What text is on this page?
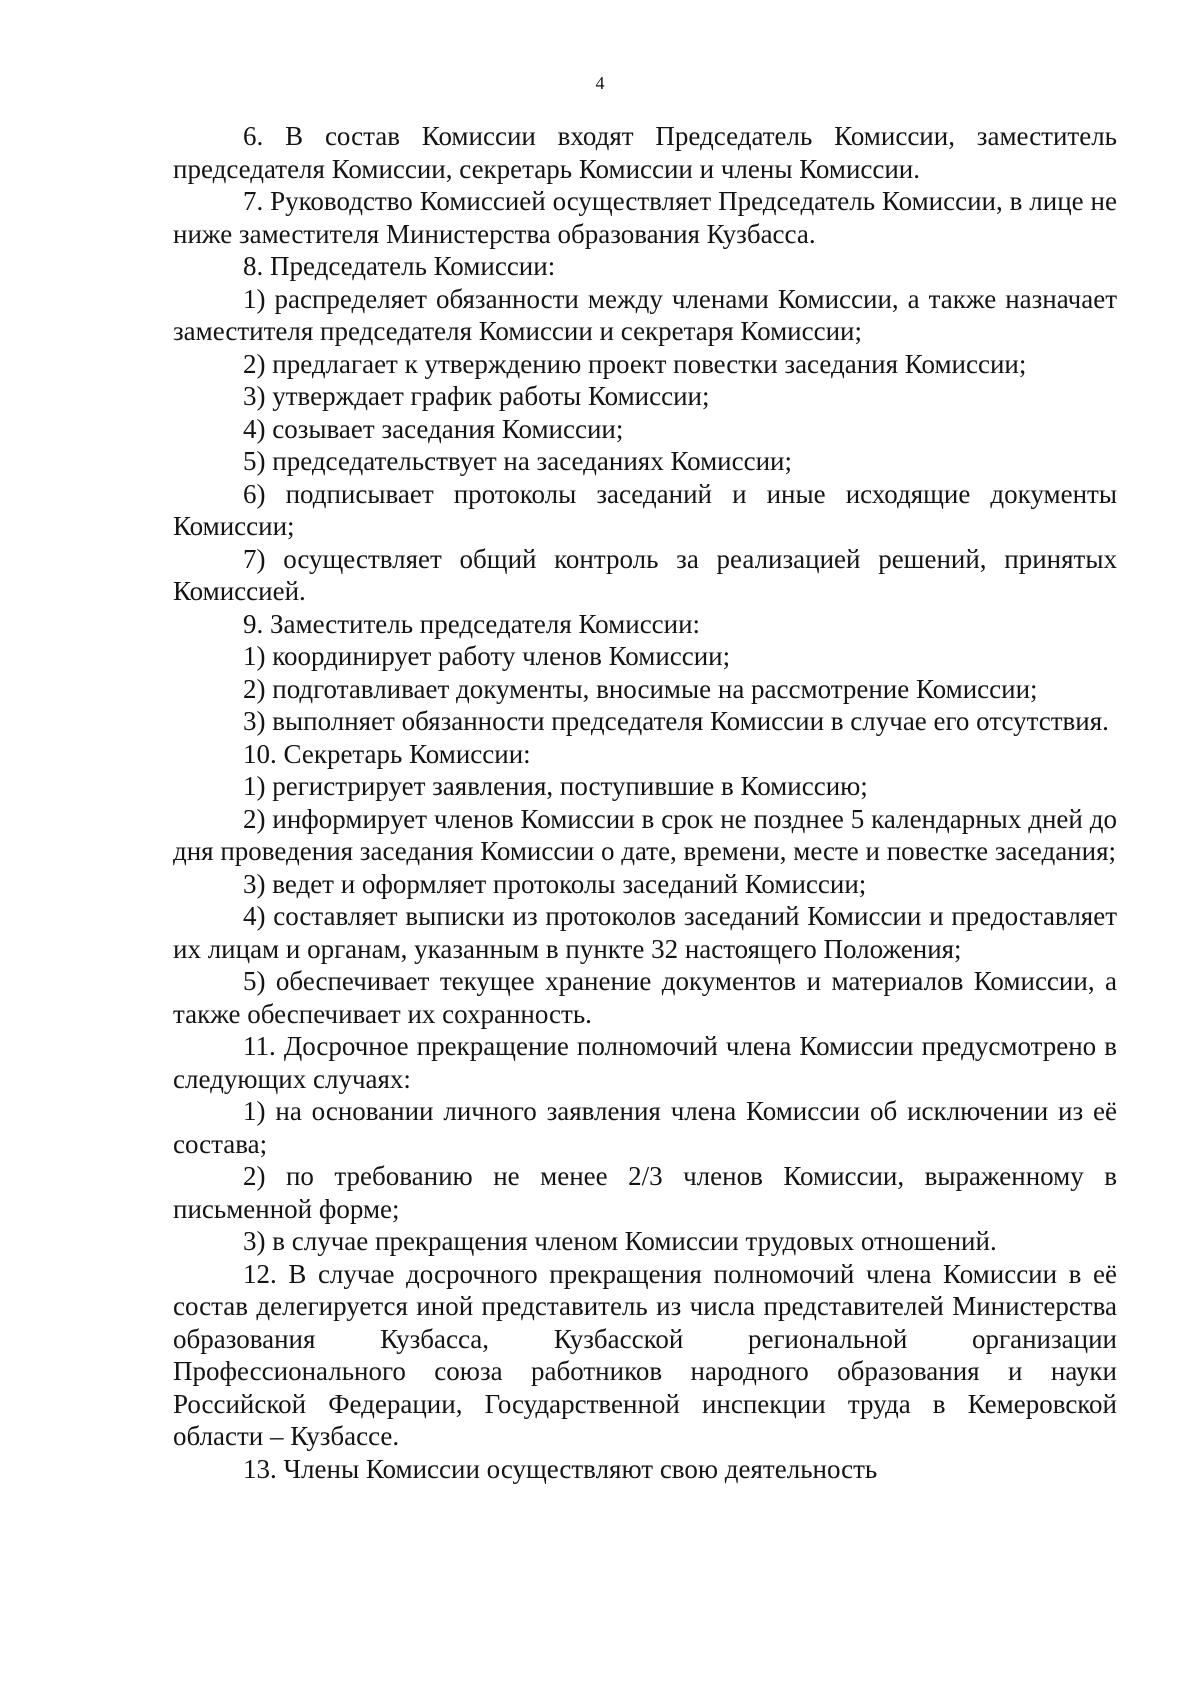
4

6. В состав Комиссии входят Председатель Комиссии, заместитель председателя Комиссии, секретарь Комиссии и члены Комиссии.

7. Руководство Комиссией осуществляет Председатель Комиссии, в лице не ниже заместителя Министерства образования Кузбасса.

8. Председатель Комиссии:

1) распределяет обязанности между членами Комиссии, а также назначает заместителя председателя Комиссии и секретаря Комиссии;

2) предлагает к утверждению проект повестки заседания Комиссии;

3) утверждает график работы Комиссии;

4) созывает заседания Комиссии;

5) председательствует на заседаниях Комиссии;

6) подписывает протоколы заседаний и иные исходящие документы Комиссии;

7) осуществляет общий контроль за реализацией решений, принятых Комиссией.

9. Заместитель председателя Комиссии:

1) координирует работу членов Комиссии;

2) подготавливает документы, вносимые на рассмотрение Комиссии;

3) выполняет обязанности председателя Комиссии в случае его отсутствия.

10. Секретарь Комиссии:

1) регистрирует заявления, поступившие в Комиссию;

2) информирует членов Комиссии в срок не позднее 5 календарных дней до дня проведения заседания Комиссии о дате, времени, месте и повестке заседания;

3) ведет и оформляет протоколы заседаний Комиссии;

4) составляет выписки из протоколов заседаний Комиссии и предоставляет их лицам и органам, указанным в пункте 32 настоящего Положения;

5) обеспечивает текущее хранение документов и материалов Комиссии, а также обеспечивает их сохранность.

11. Досрочное прекращение полномочий члена Комиссии предусмотрено в следующих случаях:

1) на основании личного заявления члена Комиссии об исключении из её состава;

2) по требованию не менее 2/3 членов Комиссии, выраженному в письменной форме;

3) в случае прекращения членом Комиссии трудовых отношений.

12. В случае досрочного прекращения полномочий члена Комиссии в её состав делегируется иной представитель из числа представителей Министерства образования Кузбасса, Кузбасской региональной организации Профессионального союза работников народного образования и науки Российской Федерации, Государственной инспекции труда в Кемеровской области – Кузбассе.

13. Члены Комиссии осуществляют свою деятельность
